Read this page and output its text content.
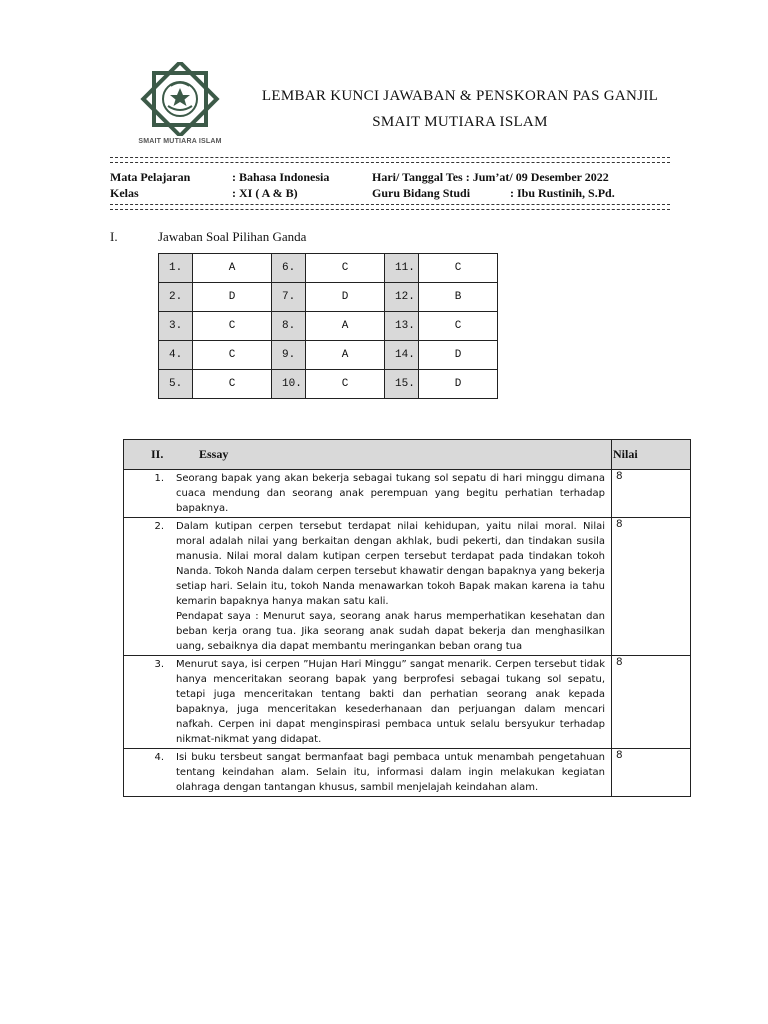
SMAIT MUTIARA ISLAM
LEMBAR KUNCI JAWABAN & PENSKORAN PAS GANJIL
SMAIT MUTIARA ISLAM
Mata Pelajaran	: Bahasa Indonesia	Hari/ Tanggal Tes : Jum’at/ 09 Desember 2022
Kelas	: XI ( A & B)	Guru Bidang Studi	: Ibu Rustinih, S.Pd.
I.	Jawaban Soal Pilihan Ganda
1.	A	6.	C	11.	C
2.	D	7.	D	12.	B
3.	C	8.	A	13.	C
4.	C	9.	A	14.	D
5.	C	10.	C	15.	D
II. Essay	Nilai

1. Seorang bapak yang akan bekerja sebagai tukang sol sepatu di hari minggu dimana cuaca mendung dan seorang anak perempuan yang begitu perhatian terhadap bapaknya.	8

2. Dalam kutipan cerpen tersebut terdapat nilai kehidupan, yaitu nilai moral. Nilai moral adalah nilai yang berkaitan dengan akhlak, budi pekerti, dan tindakan susila manusia. Nilai moral dalam kutipan cerpen tersebut terdapat pada tindakan tokoh Nanda. Tokoh Nanda dalam cerpen tersebut khawatir dengan bapaknya yang bekerja setiap hari. Selain itu, tokoh Nanda menawarkan tokoh Bapak makan karena ia tahu kemarin bapaknya hanya makan satu kali.
Pendapat saya : Menurut saya, seorang anak harus memperhatikan kesehatan dan beban kerja orang tua. Jika seorang anak sudah dapat bekerja dan menghasilkan uang, sebaiknya dia dapat membantu meringankan beban orang tua	8

3. Menurut saya, isi cerpen ”Hujan Hari Minggu” sangat menarik. Cerpen tersebut tidak hanya menceritakan seorang bapak yang berprofesi sebagai tukang sol sepatu, tetapi juga menceritakan tentang bakti dan perhatian seorang anak kepada bapaknya, juga menceritakan kesederhanaan dan perjuangan dalam mencari nafkah. Cerpen ini dapat menginspirasi pembaca untuk selalu bersyukur terhadap nikmat-nikmat yang didapat.	8

4. Isi buku tersbeut sangat bermanfaat bagi pembaca untuk menambah pengetahuan tentang keindahan alam. Selain itu, informasi dalam ingin melakukan kegiatan olahraga dengan tantangan khusus, sambil menjelajah keindahan alam.	8
